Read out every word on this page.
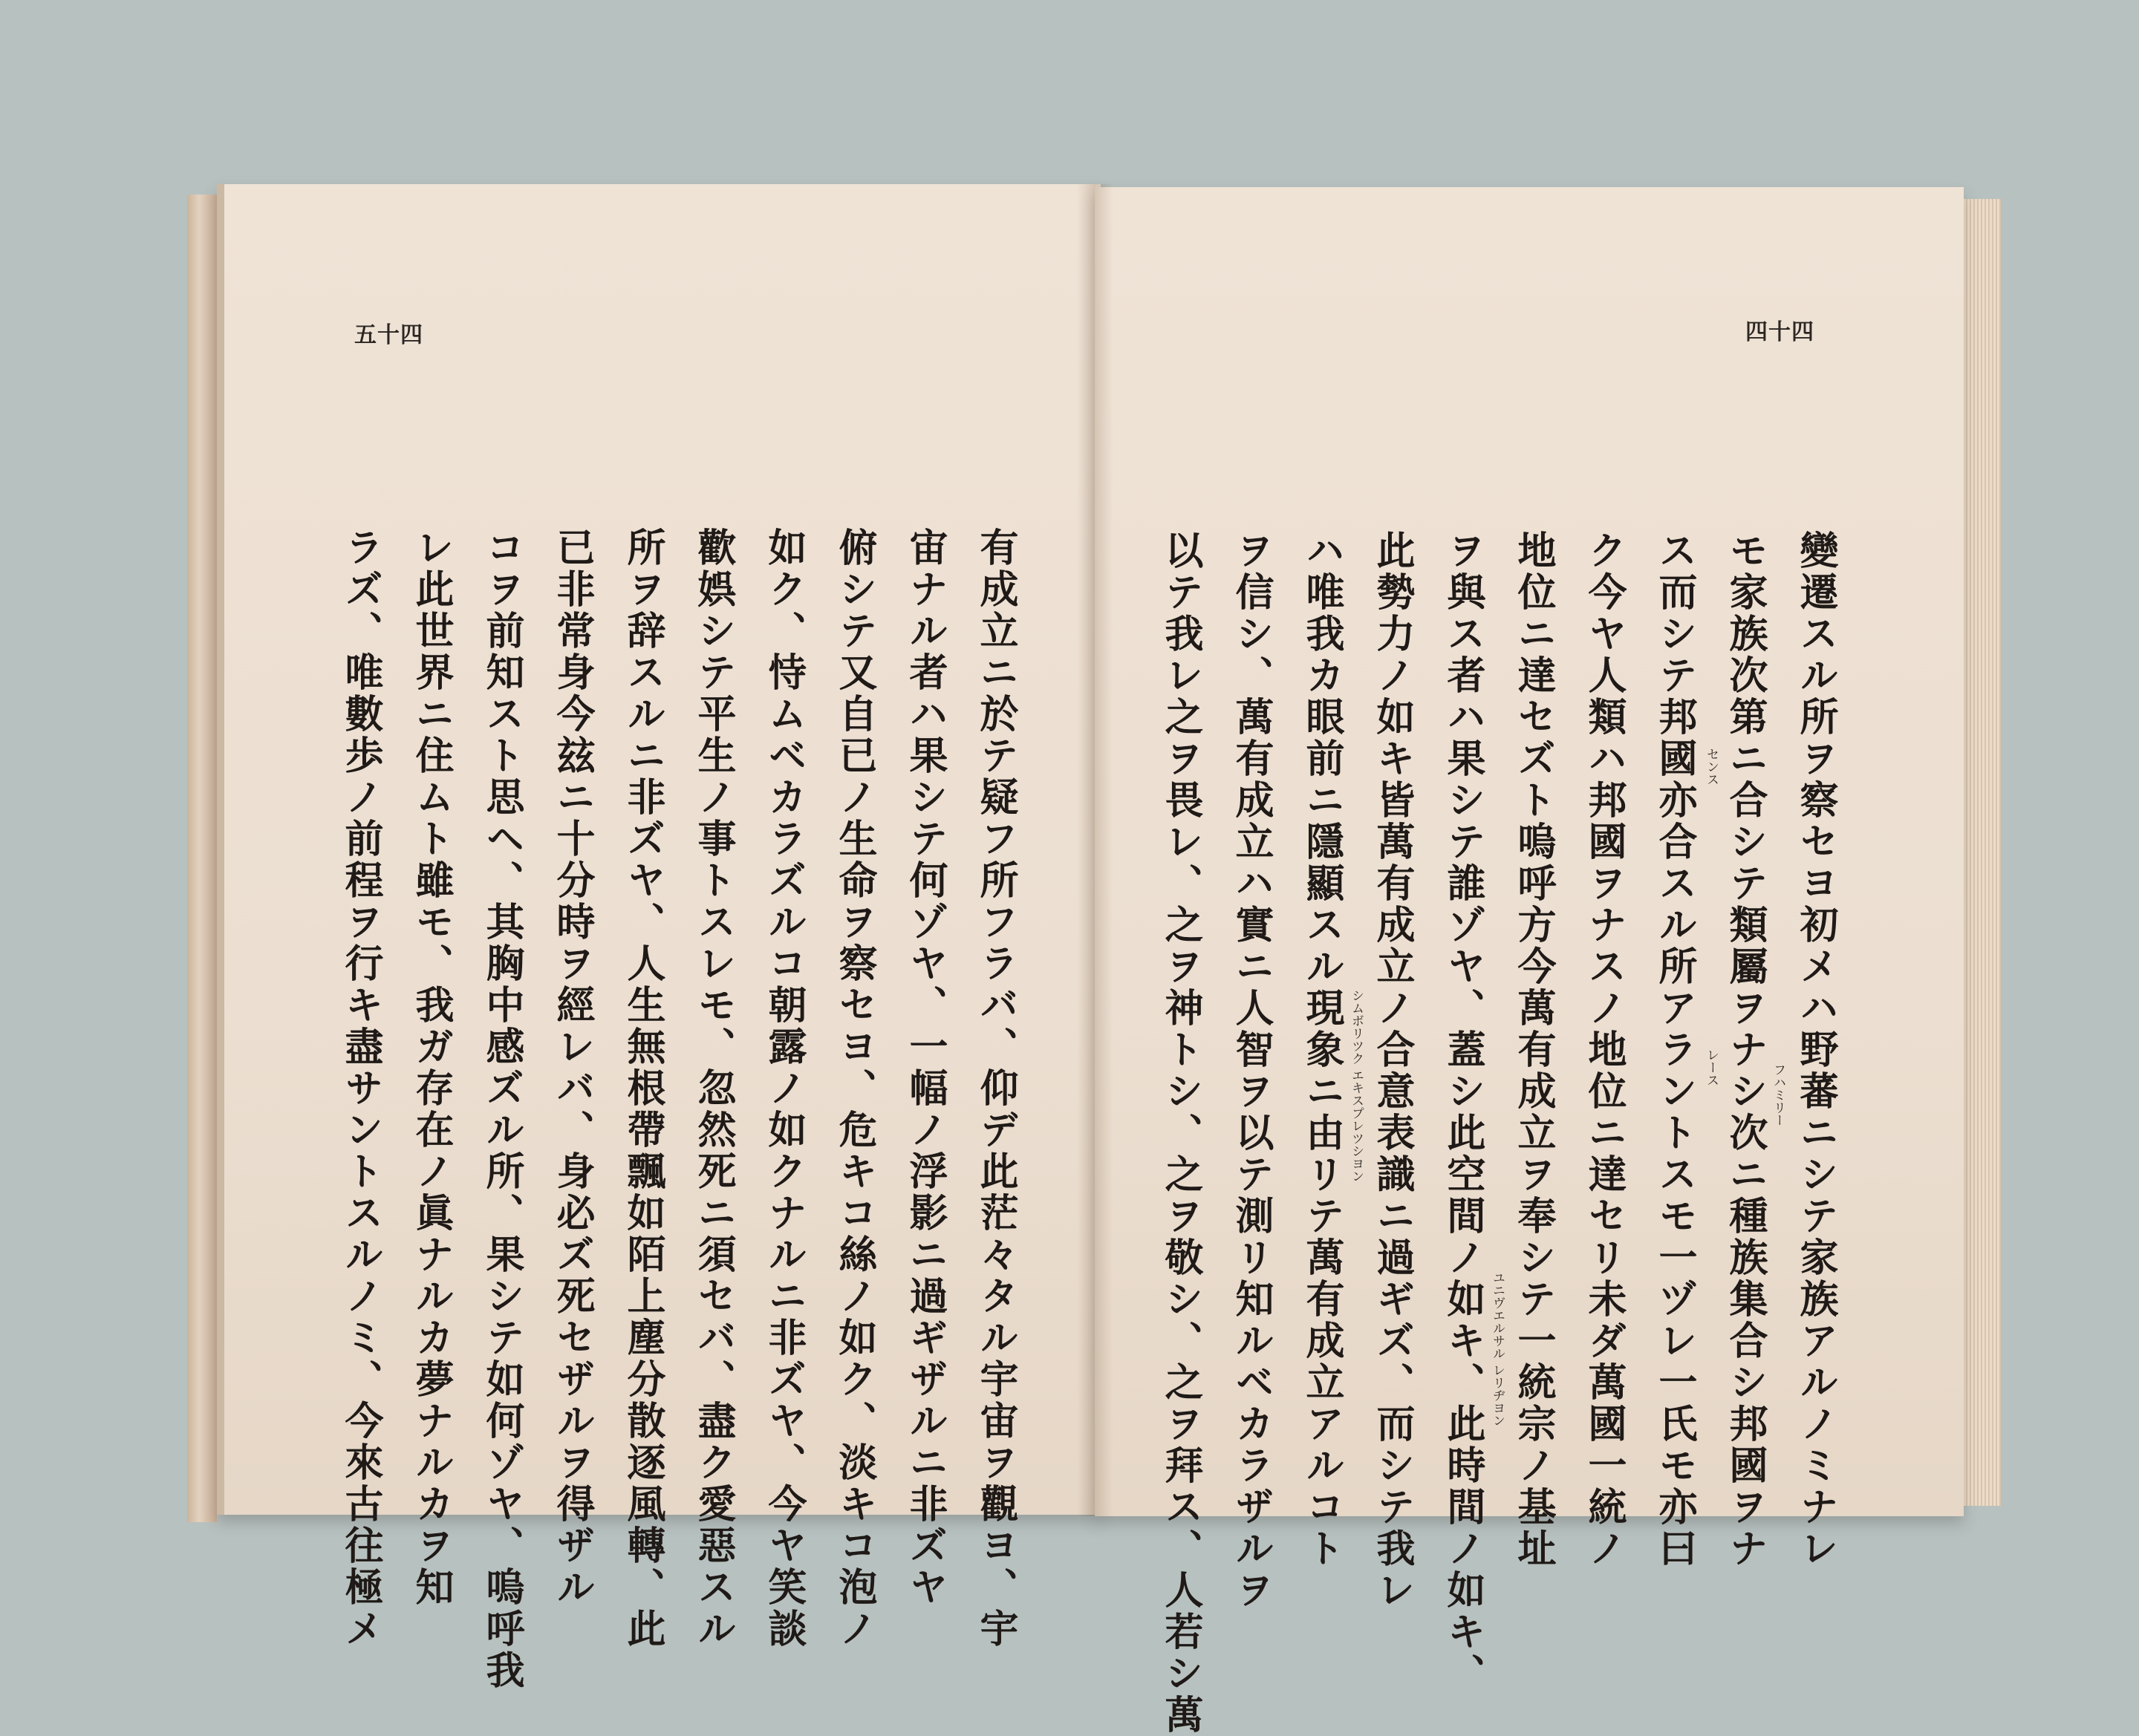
五十四
有成立ニ於テ疑フ所フラバ、仰デ此茫々タル宇宙ヲ觀ヨ、宇
宙ナル者ハ果シテ何ゾヤ、一幅ノ浮影ニ過ギザルニ非ズヤ
俯シテ又自已ノ生命ヲ察セヨ、危キコ絲ノ如ク、淡キコ泡ノ
如ク、恃ムベカラズルコ朝露ノ如クナルニ非ズヤ、今ヤ笑談
歡娯シテ平生ノ事トスレモ、忽然死ニ須セバ、盡ク愛惡スル
所ヲ辞スルニ非ズヤ、人生無根帶飄如陌上塵分散逐風轉、此
已非常身今玆ニ十分時ヲ經レバ、身必ズ死セザルヲ得ザル
コヲ前知スト思ヘ、其胸中感ズル所、果シテ如何ゾヤ、嗚呼我
レ此世界ニ住ムト雖モ、我ガ存在ノ眞ナルカ夢ナルカヲ知
ラズ、唯數歩ノ前程ヲ行キ盡サントスルノミ、今來古往極メ
四十四
變遷スル所ヲ察セヨ初メハ野蕃ニシテ家族アルノミナレ
モ家族次第ニ合シテ類屬ヲナシ次ニ種族集合シ邦國ヲナ
ス而シテ邦國亦合スル所アラントスモ一ヅレ一氏モ亦曰
ク今ヤ人類ハ邦國ヲナスノ地位ニ達セリ未ダ萬國一統ノ
地位ニ達セズト嗚呼方今萬有成立ヲ奉シテ一統宗ノ基址
ヲ與ス者ハ果シテ誰ゾヤ、蓋シ此空間ノ如キ、此時間ノ如キ、
此勢力ノ如キ皆萬有成立ノ合意表識ニ過ギズ、而シテ我レ
ハ唯我カ眼前ニ隱顯スル現象ニ由リテ萬有成立アルコト
ヲ信シ、萬有成立ハ實ニ人智ヲ以テ測リ知ルベカラザルヲ
以テ我レ之ヲ畏レ、之ヲ神トシ、之ヲ敬シ、之ヲ拜ス、人若シ萬	フハミリー
センス
レース
ユニヴエルサル レリヂヨン
シムボリツク エキスプレツシヨン
